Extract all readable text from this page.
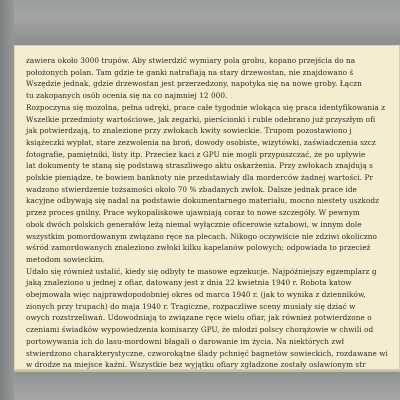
zawiera około 3000 trupów. Aby stwierdzić wymiary pola grobu, kopano przejścia do na
położonych polan. Tam gdzie te ganki natrafiają na stary drzewostan, nie znajdowano ś
Wszędzie jednak, gdzie drzewostan jest przerzedzony, napotyka się na nowe groby. Łączn
tu zakopanych osób ocenia się na co najmniej 12 000.
Rozpoczyna się mozolna, pełna udręki, prace całe tygodnie wlokąca się praca identyfikowania z
Wszelkie przedmioty wartościowe, jak zegarki, pierścionki i ruble odebrano już przyszłym ofi
jak potwierdzają, to znalezione przy zwłokach kwity sowieckie. Trupom pozostawiono j
książeczki wypłat, stare zezwolenia na broń, dowody osobiste, wizytówki, zaświadczenia szcz
fotografie, pamiętniki, listy itp. Przeciez kaci z GPU nie mogli przypuszczać, że po upływie
lat dokumenty te staną się podstawą straszliwego aktu oskarżenia. Przy zwłokach znajdują s
polskie pieniądze, te bowiem banknoty nie przedstawiały dla morderców żadnej wartości. Pr
wadzono stwierdzenie tożsamości około 70 % zbadanych zwłok. Dalsze jednak prace ide
kacyjne odbywają się nadal na podstawie dokumentarnego materiału, mocno niestety uszkodz
przez proces gnilny. Prace wykopaliskowe ujawniają coraz to nowe szczegóły. W pewnym
obok dwóch polskich generałów leżą niemal wyłącznie oficerowie sztabowi, w innym dole
wszystkim pomordowanym związano ręce na plecach. Nikogo oczywiście nie zdziwi okoliczno
wśród zamordowanych znaleziono zwłoki kilku kapelanów polowych; odpowiada to przecież
metodom sowieckim.
Udało się również ustalić, kiedy się odbyły te masowe egzekucje. Najpóźniejszy egzemplarz g
jaką znaleziono u jednej z ofiar, datowany jest z dnia 22 kwietnia 1940 r. Robota katow
obejmowała więc najprawdopodobniej okres od marca 1940 r. (jak to wynika z dzienników,
zionych przy trupach) do maja 1940 r. Tragiczne, rozpaczliwe sceny musiały się dziać w
owych rozstrzeliwań. Udowodniają to związane ręce wielu ofiar, jak również potwierdzone o
czeniami świadków wypowiedzenia komisarzy GPU, że młodzi polscy chorążowie w chwili od
portowywania ich do lasu-mordowni błagali o darowanie im życia. Na niektórych zwł
stwierdzono charakterystyczne, czworokątne ślady pchnięć bagnetów sowieckich, rozdawane wi
w drodze na miejsce kaźni. Wszystkie bez wyjątku ofiary zgładzone zostały osławionym str
